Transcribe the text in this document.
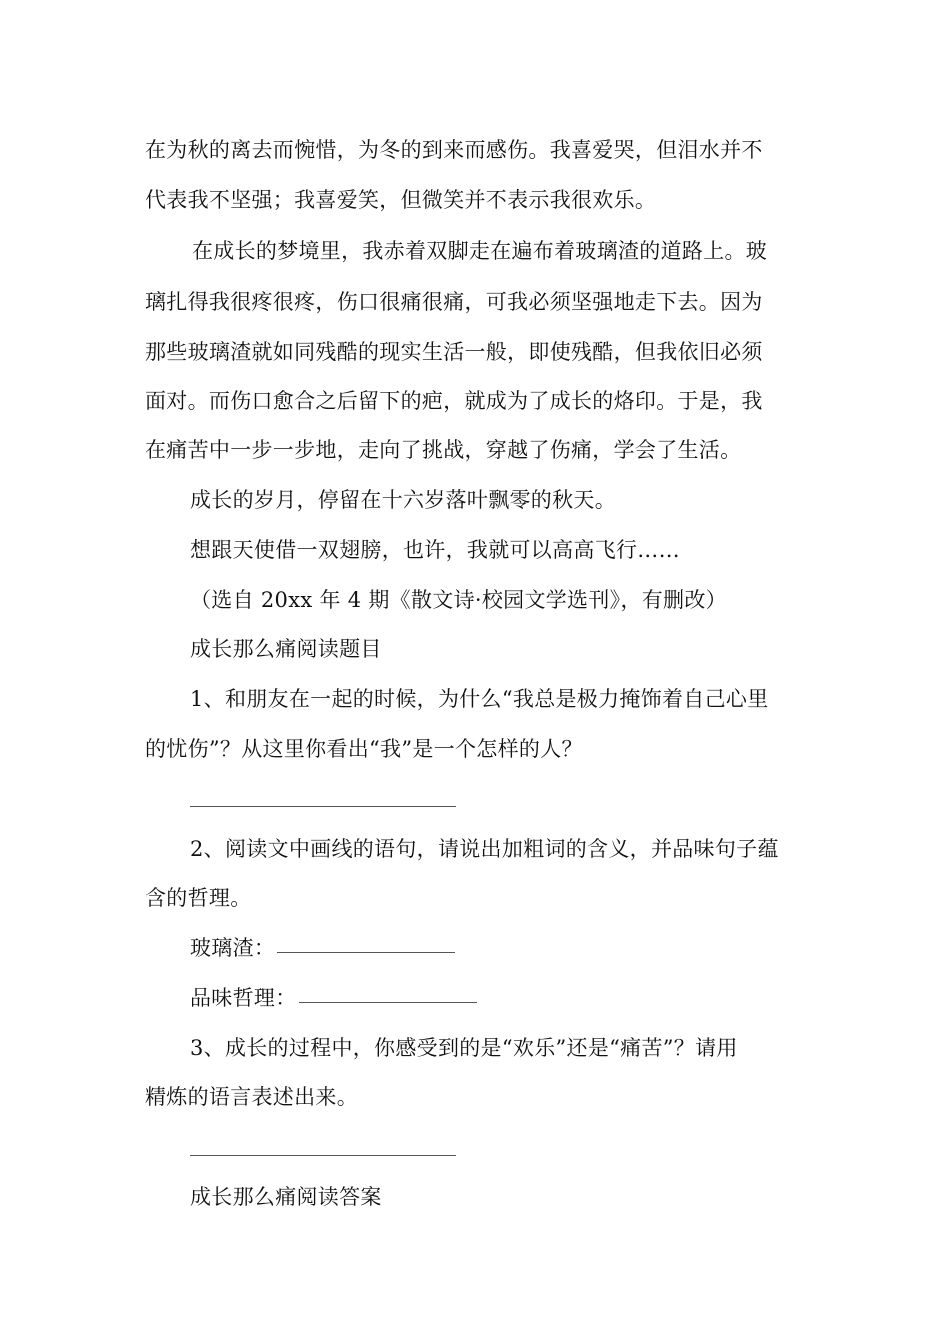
在为秋的离去而惋惜，为冬的到来而感伤。我喜爱哭，但泪水并不
代表我不坚强；我喜爱笑，但微笑并不表示我很欢乐。
在成长的梦境里，我赤着双脚走在遍布着玻璃渣的道路上。玻
璃扎得我很疼很疼，伤口很痛很痛，可我必须坚强地走下去。因为
那些玻璃渣就如同残酷的现实生活一般，即使残酷，但我依旧必须
面对。而伤口愈合之后留下的疤，就成为了成长的烙印。于是，我
在痛苦中一步一步地，走向了挑战，穿越了伤痛，学会了生活。
成长的岁月，停留在十六岁落叶飘零的秋天。
想跟天使借一双翅膀，也许，我就可以高高飞行……
（选自 20xx 年 4 期《散文诗·校园文学选刊》，有删改）
成长那么痛阅读题目
1、和朋友在一起的时候，为什么“我总是极力掩饰着自己心里
的忧伤”？从这里你看出“我”是一个怎样的人？
2、阅读文中画线的语句，请说出加粗词的含义，并品味句子蕴
含的哲理。
玻璃渣：
品味哲理：
3、成长的过程中，你感受到的是“欢乐”还是“痛苦”？请用
精炼的语言表述出来。
成长那么痛阅读答案
